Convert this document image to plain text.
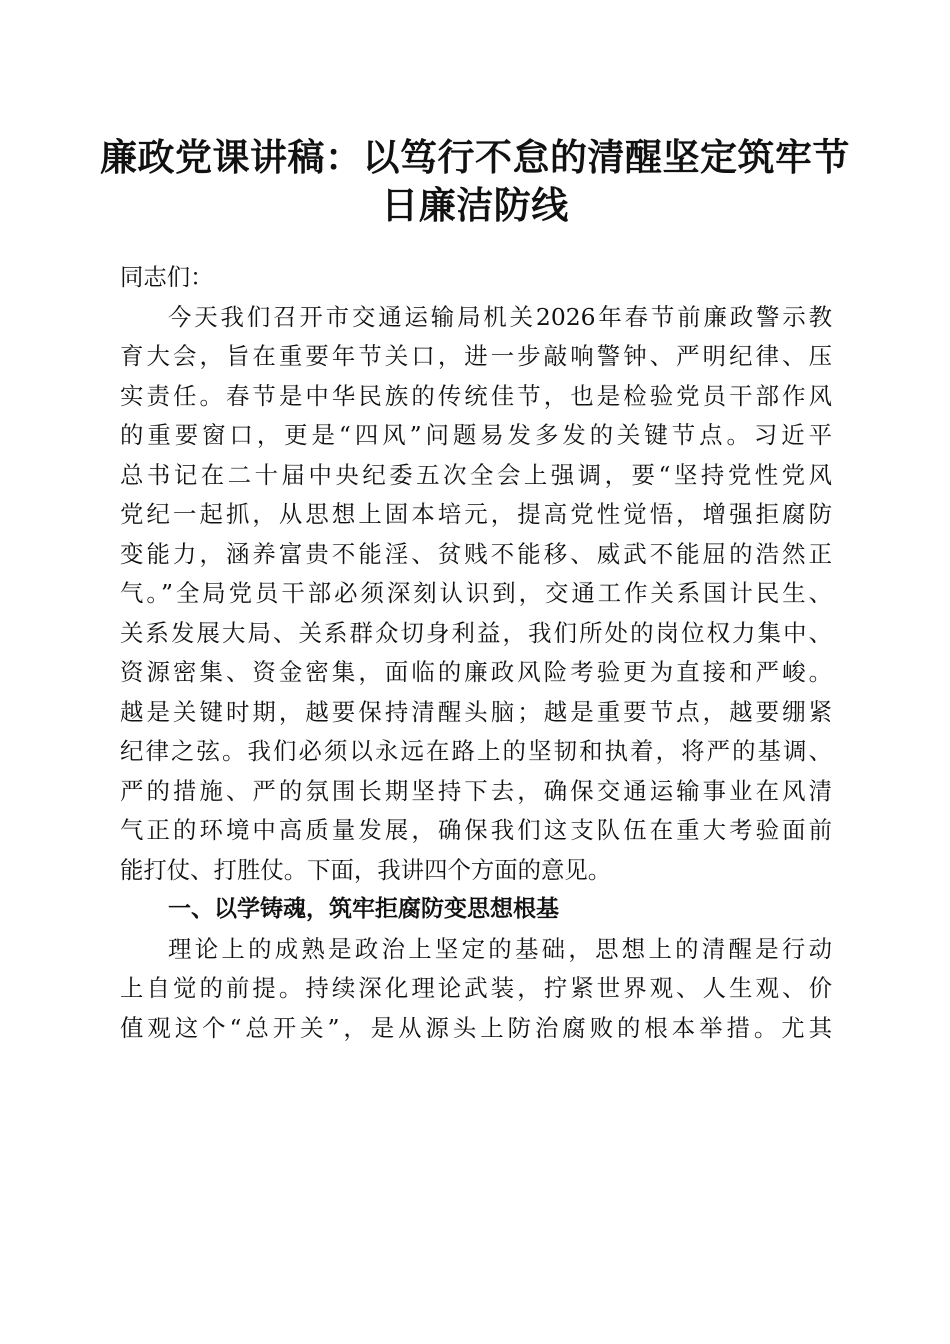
廉政党课讲稿：以笃行不怠的清醒坚定筑牢节
日廉洁防线
同志们：
今天我们召开市交通运输局机关2026年春节前廉政警示教
育大会，旨在重要年节关口，进一步敲响警钟、严明纪律、压
实责任。春节是中华民族的传统佳节，也是检验党员干部作风
的重要窗口，更是“四风”问题易发多发的关键节点。习近平
总书记在二十届中央纪委五次全会上强调，要“坚持党性党风
党纪一起抓，从思想上固本培元，提高党性觉悟，增强拒腐防
变能力，涵养富贵不能淫、贫贱不能移、威武不能屈的浩然正
气。”全局党员干部必须深刻认识到，交通工作关系国计民生、
关系发展大局、关系群众切身利益，我们所处的岗位权力集中、
资源密集、资金密集，面临的廉政风险考验更为直接和严峻。
越是关键时期，越要保持清醒头脑；越是重要节点，越要绷紧
纪律之弦。我们必须以永远在路上的坚韧和执着，将严的基调、
严的措施、严的氛围长期坚持下去，确保交通运输事业在风清
气正的环境中高质量发展，确保我们这支队伍在重大考验面前
能打仗、打胜仗。下面，我讲四个方面的意见。
一、以学铸魂，筑牢拒腐防变思想根基
理论上的成熟是政治上坚定的基础，思想上的清醒是行动
上自觉的前提。持续深化理论武装，拧紧世界观、人生观、价
值观这个“总开关”，是从源头上防治腐败的根本举措。尤其
